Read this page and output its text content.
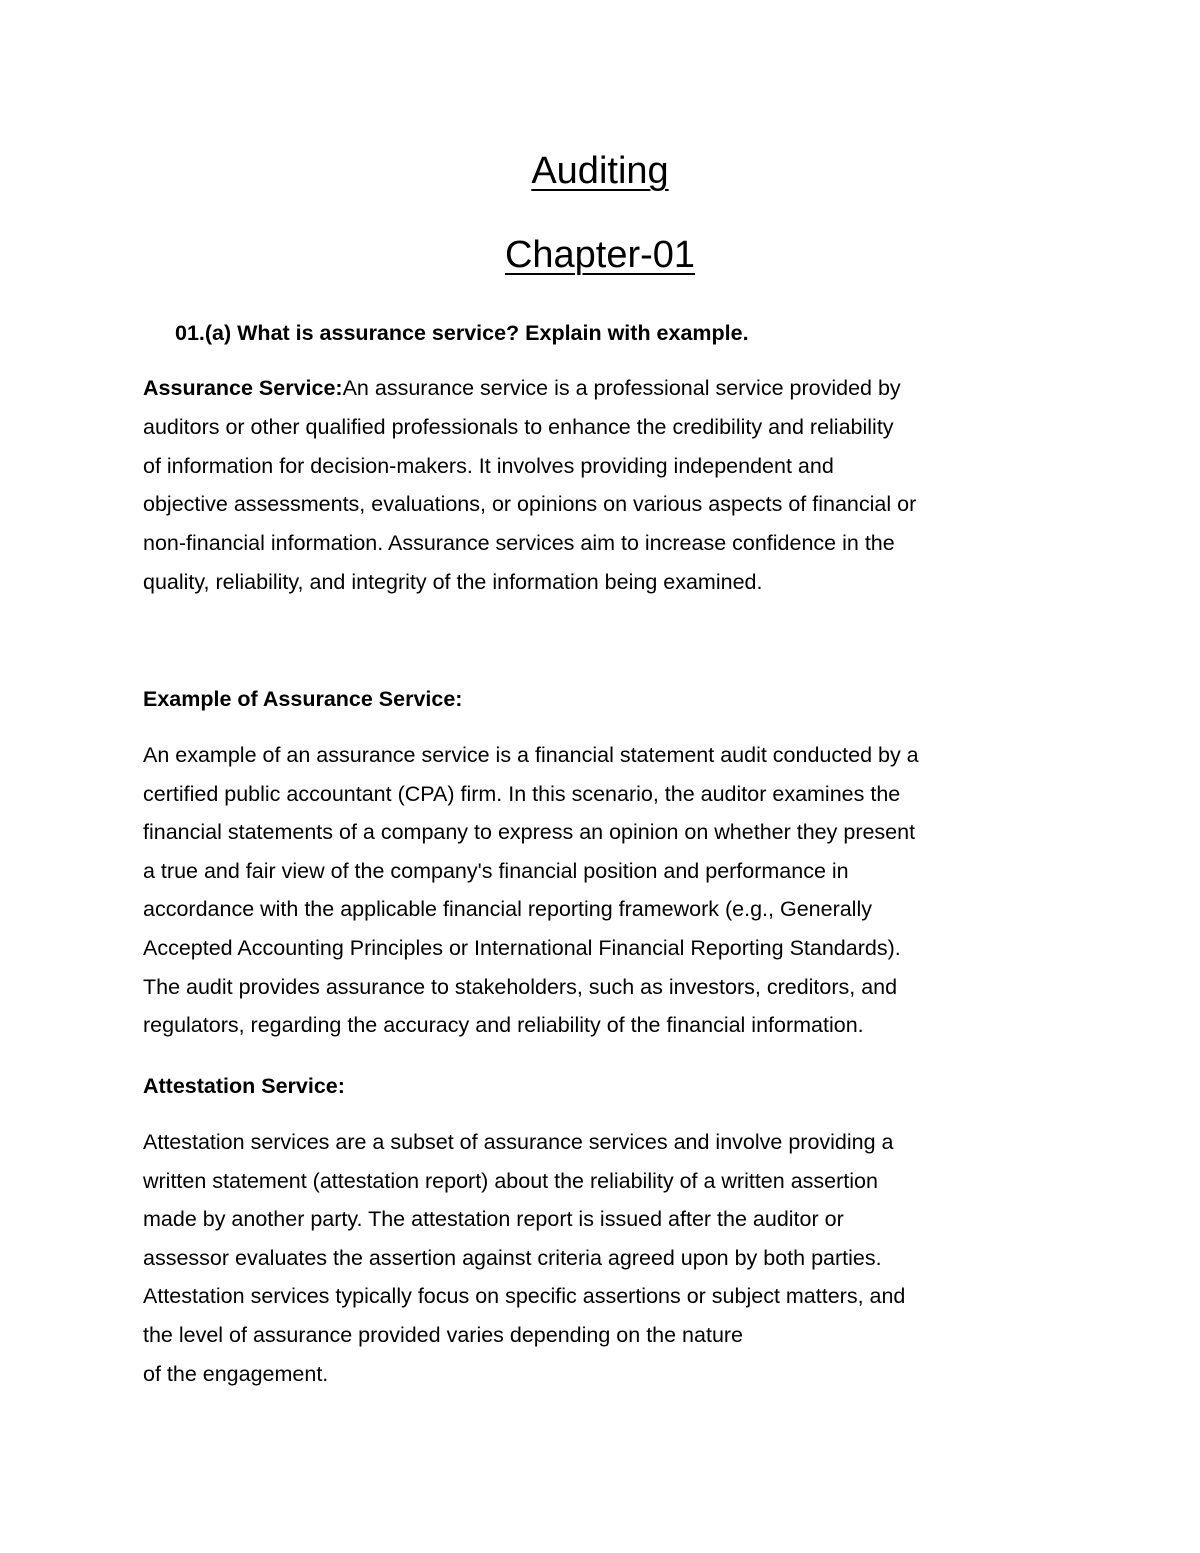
Auditing
Chapter-01
01.(a) What is assurance service? Explain with example.
Assurance Service:An assurance service is a professional service provided by
auditors or other qualified professionals to enhance the credibility and reliability
of information for decision-makers. It involves providing independent and
objective assessments, evaluations, or opinions on various aspects of financial or
non-financial information. Assurance services aim to increase confidence in the
quality, reliability, and integrity of the information being examined.
Example of Assurance Service:
An example of an assurance service is a financial statement audit conducted by a
certified public accountant (CPA) firm. In this scenario, the auditor examines the
financial statements of a company to express an opinion on whether they present
a true and fair view of the company's financial position and performance in
accordance with the applicable financial reporting framework (e.g., Generally
Accepted Accounting Principles or International Financial Reporting Standards).
The audit provides assurance to stakeholders, such as investors, creditors, and
regulators, regarding the accuracy and reliability of the financial information.
Attestation Service:
Attestation services are a subset of assurance services and involve providing a
written statement (attestation report) about the reliability of a written assertion
made by another party. The attestation report is issued after the auditor or
assessor evaluates the assertion against criteria agreed upon by both parties.
Attestation services typically focus on specific assertions or subject matters, and
the level of assurance provided varies depending on the nature
of the engagement.
